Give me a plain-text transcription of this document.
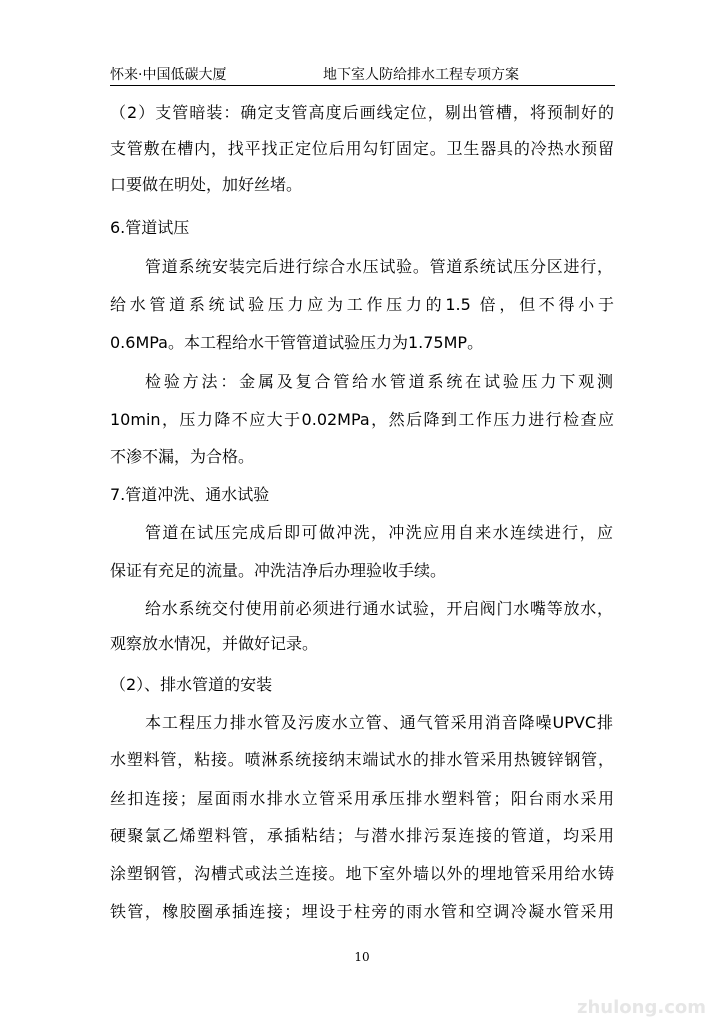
怀来·中国低碳大厦	地下室人防给排水工程专项方案
（2）支管暗装：确定支管高度后画线定位，剔出管槽，将预制好的
支管敷在槽内，找平找正定位后用勾钉固定。卫生器具的冷热水预留
口要做在明处，加好丝堵。
6.管道试压
管道系统安装完后进行综合水压试验。管道系统试压分区进行，
给水管道系统试验压力应为工作压力的1.5 倍，但不得小于
0.6MPa。本工程给水干管管道试验压力为1.75MP。
检验方法：金属及复合管给水管道系统在试验压力下观测
10min，压力降不应大于0.02MPa，然后降到工作压力进行检查应
不渗不漏，为合格。
7.管道冲洗、通水试验
管道在试压完成后即可做冲洗，冲洗应用自来水连续进行，应
保证有充足的流量。冲洗洁净后办理验收手续。
给水系统交付使用前必须进行通水试验，开启阀门水嘴等放水，
观察放水情况，并做好记录。
（2）、排水管道的安装
本工程压力排水管及污废水立管、通气管采用消音降噪UPVC排
水塑料管，粘接。喷淋系统接纳末端试水的排水管采用热镀锌钢管，
丝扣连接；屋面雨水排水立管采用承压排水塑料管；阳台雨水采用
硬聚氯乙烯塑料管，承插粘结；与潜水排污泵连接的管道，均采用
涂塑钢管，沟槽式或法兰连接。地下室外墙以外的埋地管采用给水铸
铁管，橡胶圈承插连接；埋设于柱旁的雨水管和空调冷凝水管采用
10
zhulong.com
